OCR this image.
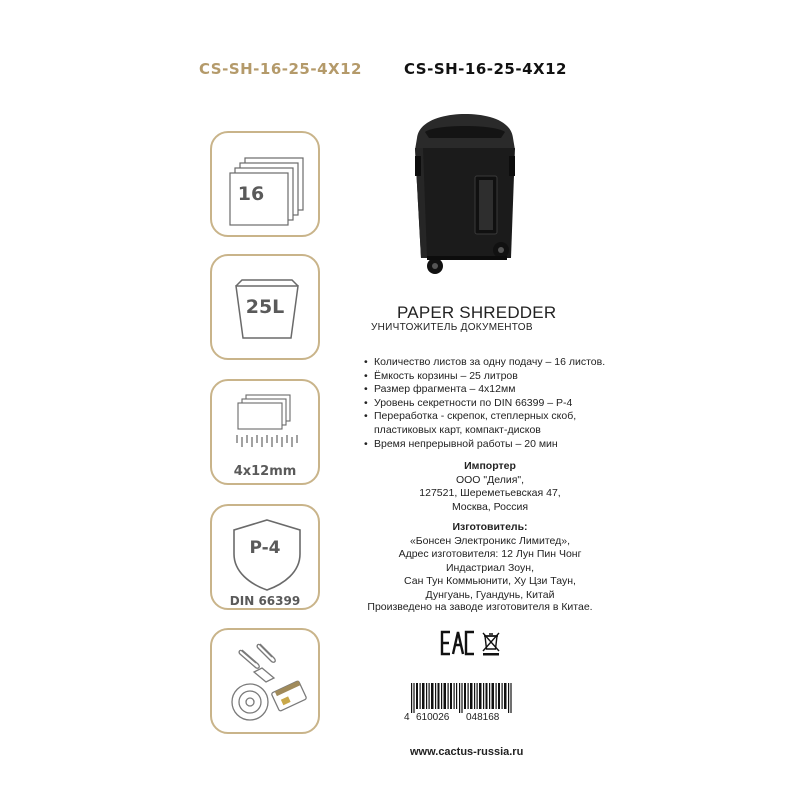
CS-SH-16-25-4X12	CS-SH-16-25-4X12
16
25L
4x12mm
P-4
DIN 66399
PAPER SHREDDER
УНИЧТОЖИТЕЛЬ ДОКУМЕНТОВ
• Количество листов за одну подачу – 16 листов.
• Ёмкость корзины – 25 литров
• Размер фрагмента – 4x12мм
• Уровень секретности по DIN 66399 – P-4
• Переработка - скрепок, степлерных скоб, пластиковых карт, компакт-дисков
• Время непрерывной работы – 20 мин
Импортер
ООО "Делия",
127521, Шереметьевская 47,
Москва, Россия
Изготовитель:
«Бонсен Электроникс Лимитед»,
Адрес изготовителя: 12 Лун Пин Чонг
Индастриал Зоун,
Сан Тун Коммьюнити, Ху Цзи Таун,
Дунгуань, Гуандунь, Китай
Произведено на заводе изготовителя в Китае.
4 610026 048168
www.cactus-russia.ru
